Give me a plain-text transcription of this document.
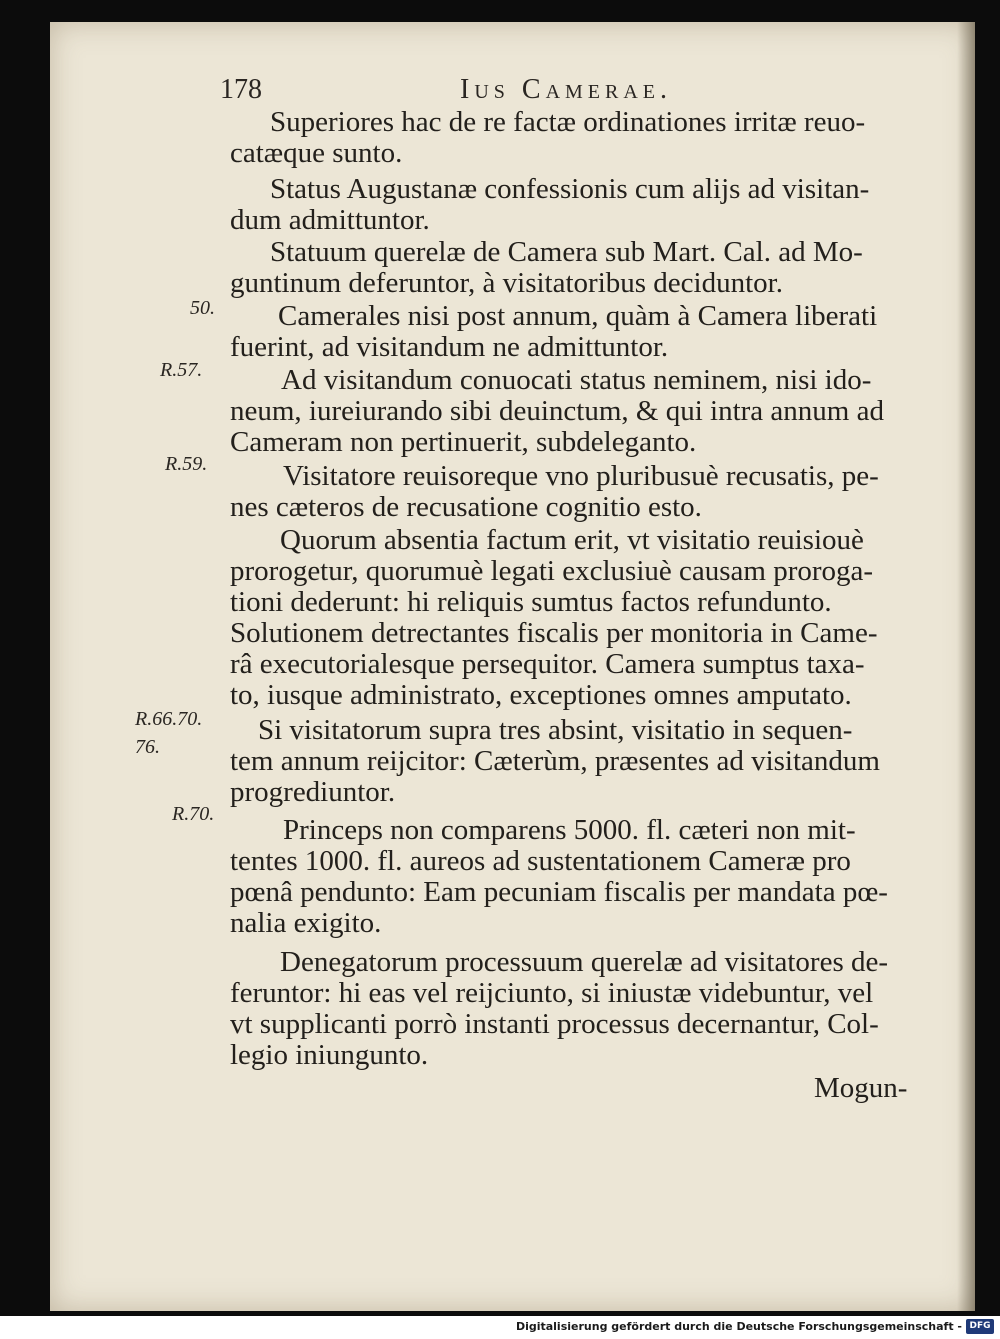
178	Ius Camerae.
50.
R.57.
R.59.
R.66.70.
76.
R.70.
Superiores hac de re factæ ordinationes irritæ reuo-
catæque sunto.
Status Augustanæ confessionis cum alijs ad visitan-
dum admittuntor.
Statuum querelæ de Camera sub Mart. Cal. ad Mo-
guntinum deferuntor, à visitatoribus deciduntor.
Camerales nisi post annum, quàm à Camera liberati
fuerint, ad visitandum ne admittuntor.
Ad visitandum conuocati status neminem, nisi ido-
neum, iureiurando sibi deuinctum, & qui intra annum ad
Cameram non pertinuerit, subdeleganto.
Visitatore reuisoreque vno pluribusuè recusatis, pe-
nes cæteros de recusatione cognitio esto.
Quorum absentia factum erit, vt visitatio reuisiouè
prorogetur, quorumuè legati exclusiuè causam proroga-
tioni dederunt: hi reliquis sumtus factos refundunto.
Solutionem detrectantes fiscalis per monitoria in Came-
râ executorialesque persequitor. Camera sumptus taxa-
to, iusque administrato, exceptiones omnes amputato.
Si visitatorum supra tres absint, visitatio in sequen-
tem annum reijcitor: Cæterùm, præsentes ad visitandum
progrediuntor.
Princeps non comparens 5000. fl. cæteri non mit-
tentes 1000. fl. aureos ad sustentationem Cameræ pro
pœnâ pendunto: Eam pecuniam fiscalis per mandata pœ-
nalia exigito.
Denegatorum processuum querelæ ad visitatores de-
feruntor: hi eas vel reijciunto, si iniustæ videbuntur, vel
vt supplicanti porrò instanti processus decernantur, Col-
legio iniungunto.
Mogun-
Digitalisierung gefördert durch die Deutsche Forschungsgemeinschaft - DFG
